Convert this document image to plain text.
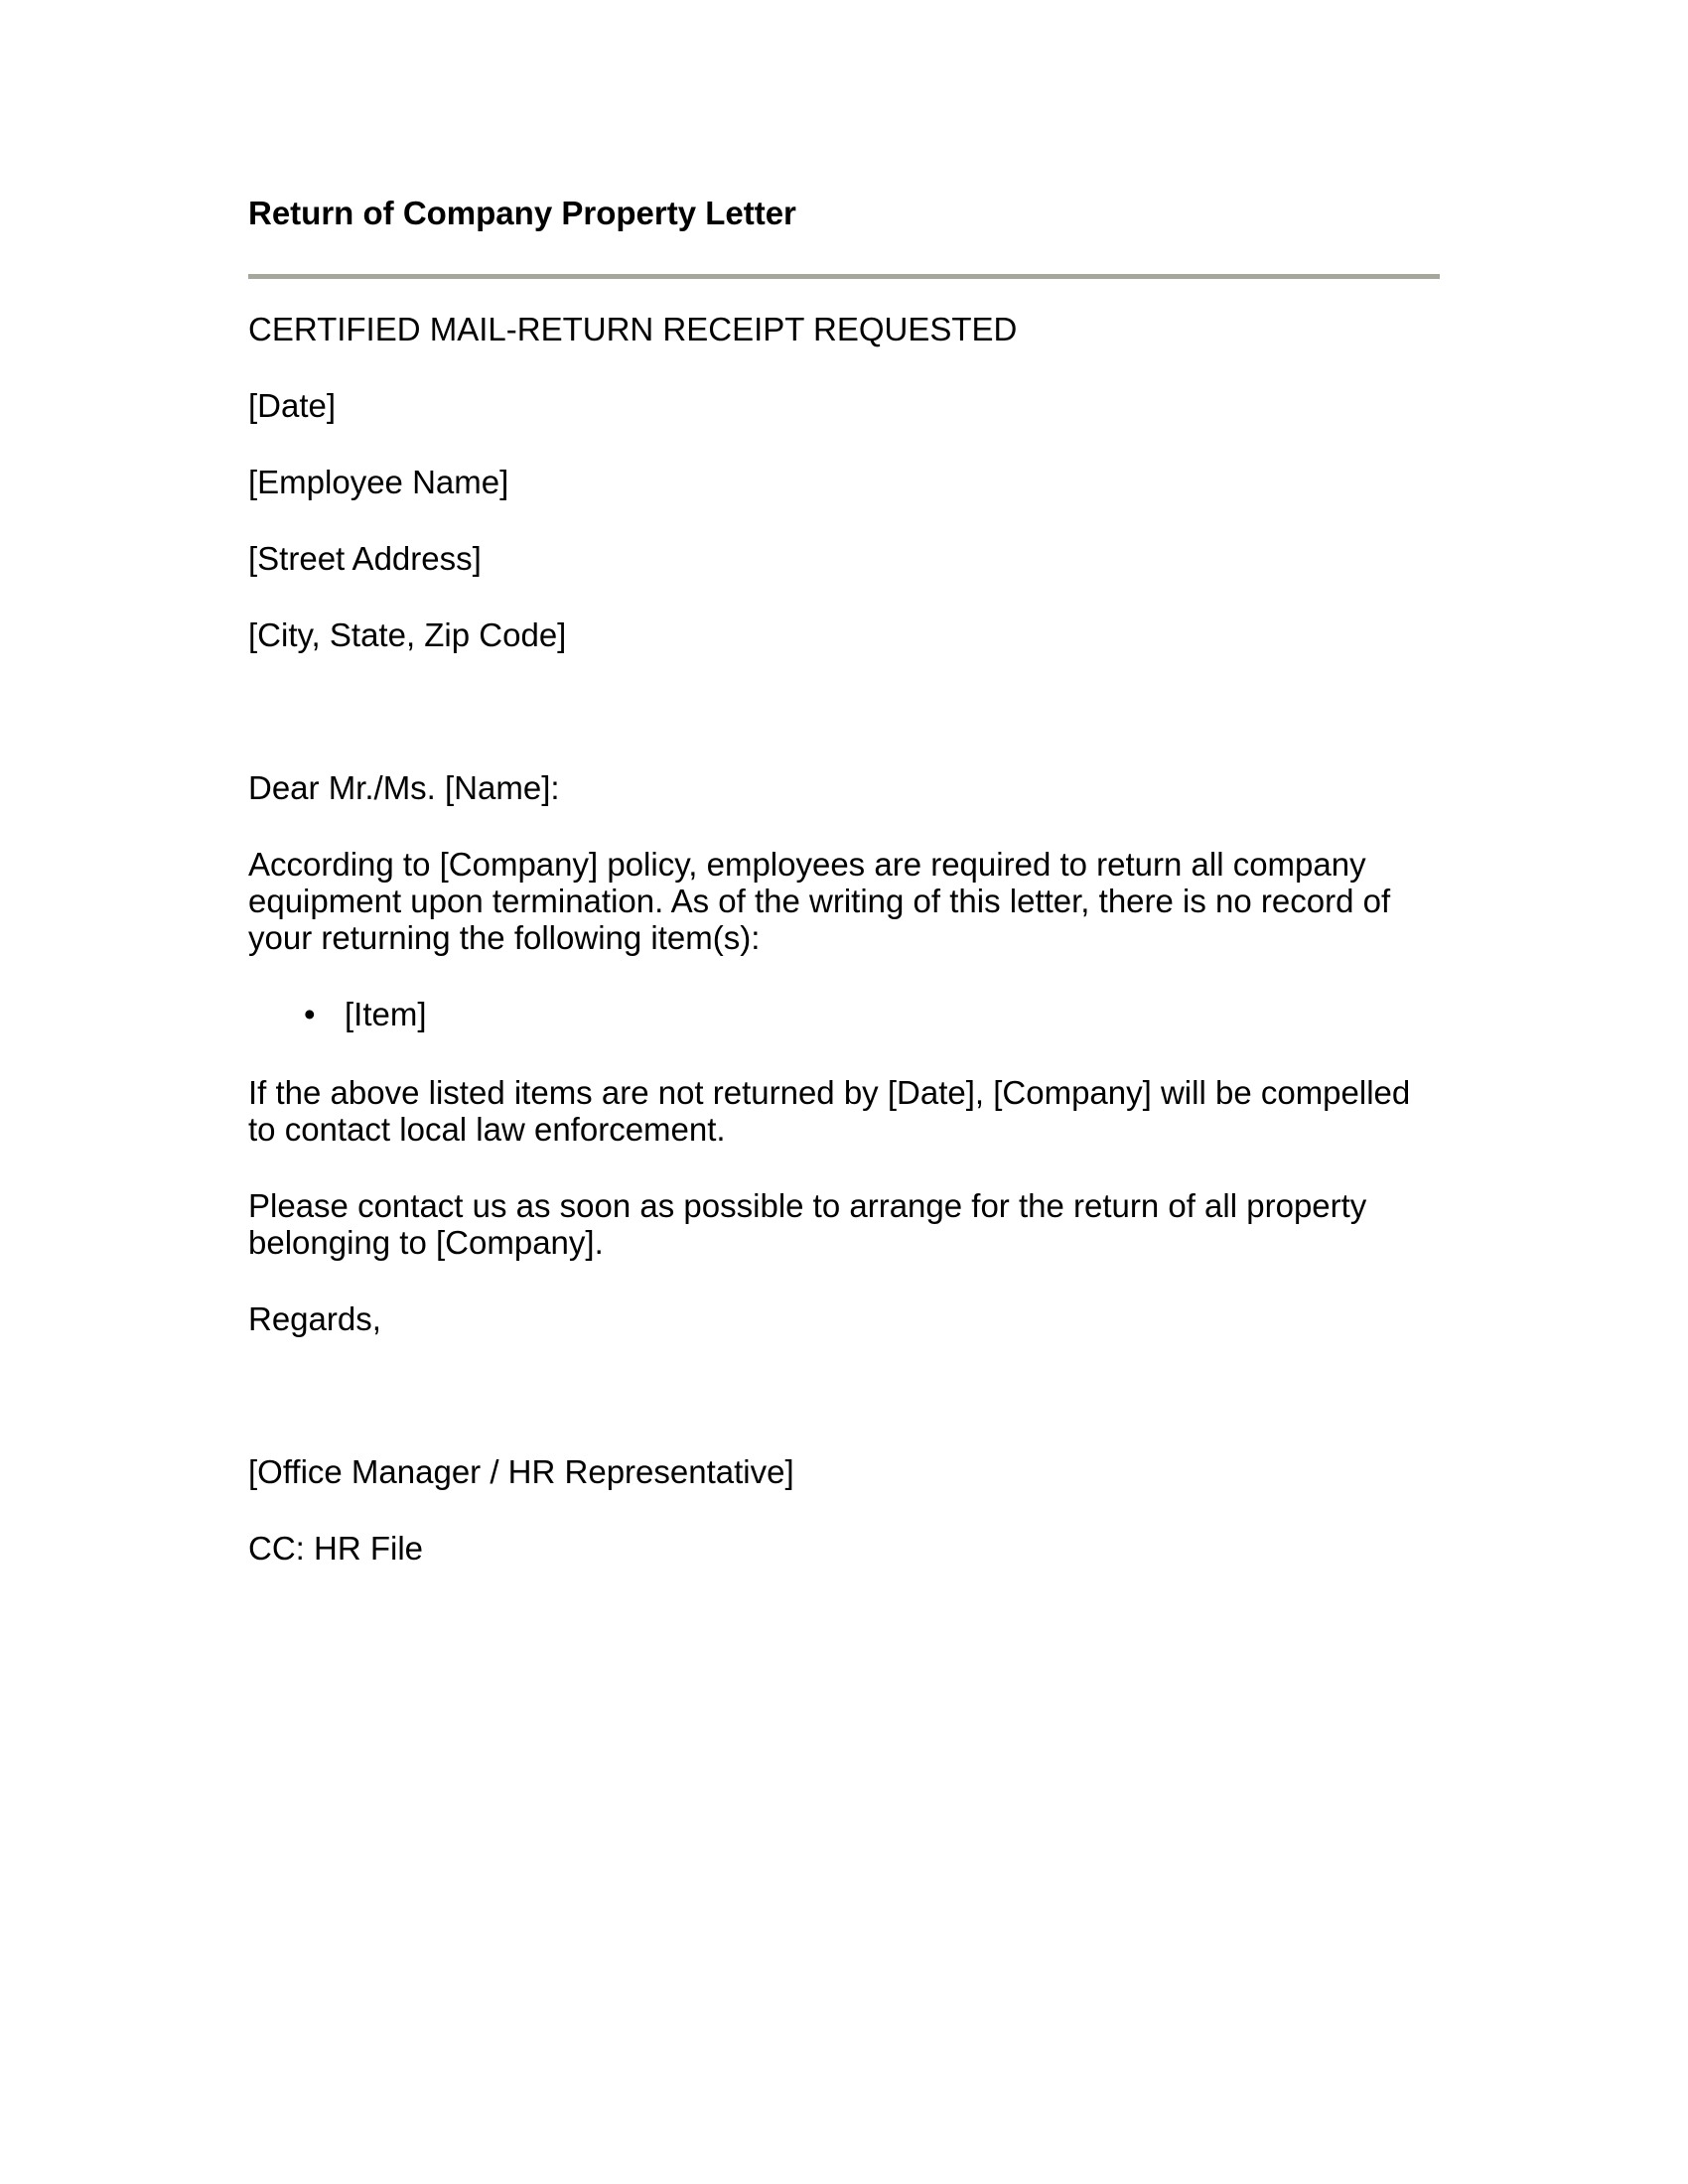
Return of Company Property Letter

CERTIFIED MAIL-RETURN RECEIPT REQUESTED

[Date]

[Employee Name]

[Street Address]

[City, State, Zip Code]

Dear Mr./Ms. [Name]:

According to [Company] policy, employees are required to return all company equipment upon termination. As of the writing of this letter, there is no record of your returning the following item(s):

• [Item]

If the above listed items are not returned by [Date], [Company] will be compelled to contact local law enforcement.

Please contact us as soon as possible to arrange for the return of all property belonging to [Company].

Regards,

[Office Manager / HR Representative]

CC: HR File
